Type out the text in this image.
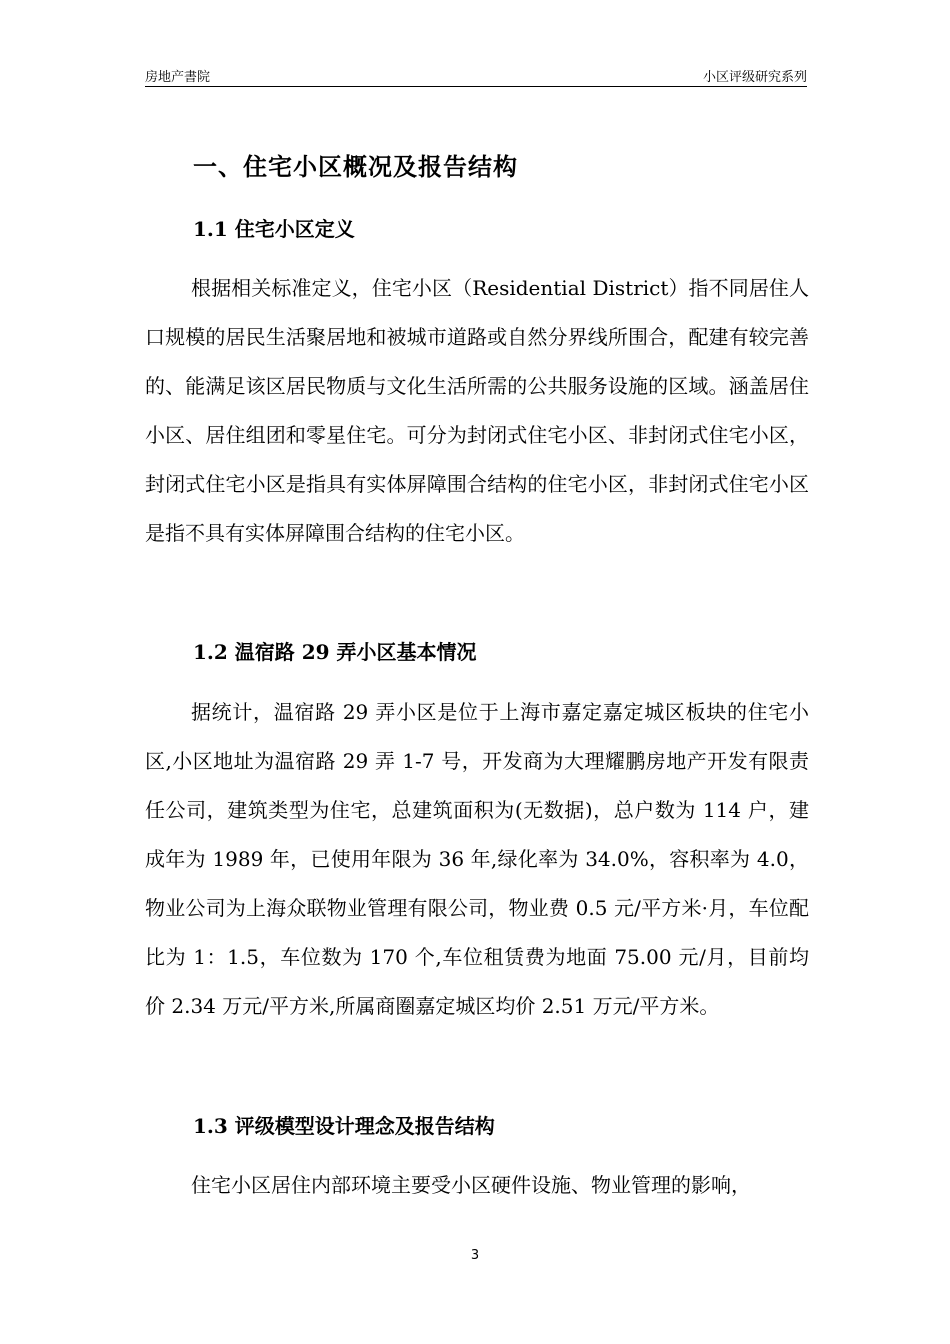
房地产書院	小区评级研究系列
一、住宅小区概况及报告结构
1.1 住宅小区定义

根据相关标准定义，住宅小区（Residential District）指不同居住人口规模的居民生活聚居地和被城市道路或自然分界线所围合，配建有较完善的、能满足该区居民物质与文化生活所需的公共服务设施的区域。涵盖居住小区、居住组团和零星住宅。可分为封闭式住宅小区、非封闭式住宅小区，封闭式住宅小区是指具有实体屏障围合结构的住宅小区，非封闭式住宅小区是指不具有实体屏障围合结构的住宅小区。

1.2 温宿路 29 弄小区基本情况

据统计，温宿路 29 弄小区是位于上海市嘉定嘉定城区板块的住宅小区,小区地址为温宿路 29 弄 1-7 号，开发商为大理耀鹏房地产开发有限责任公司，建筑类型为住宅，总建筑面积为(无数据)，总户数为 114 户，建成年为 1989 年，已使用年限为 36 年,绿化率为 34.0%，容积率为 4.0，物业公司为上海众联物业管理有限公司，物业费 0.5 元/平方米·月，车位配比为 1：1.5，车位数为 170 个,车位租赁费为地面 75.00 元/月，目前均价 2.34 万元/平方米,所属商圈嘉定城区均价 2.51 万元/平方米。

1.3 评级模型设计理念及报告结构

住宅小区居住内部环境主要受小区硬件设施、物业管理的影响，

3
